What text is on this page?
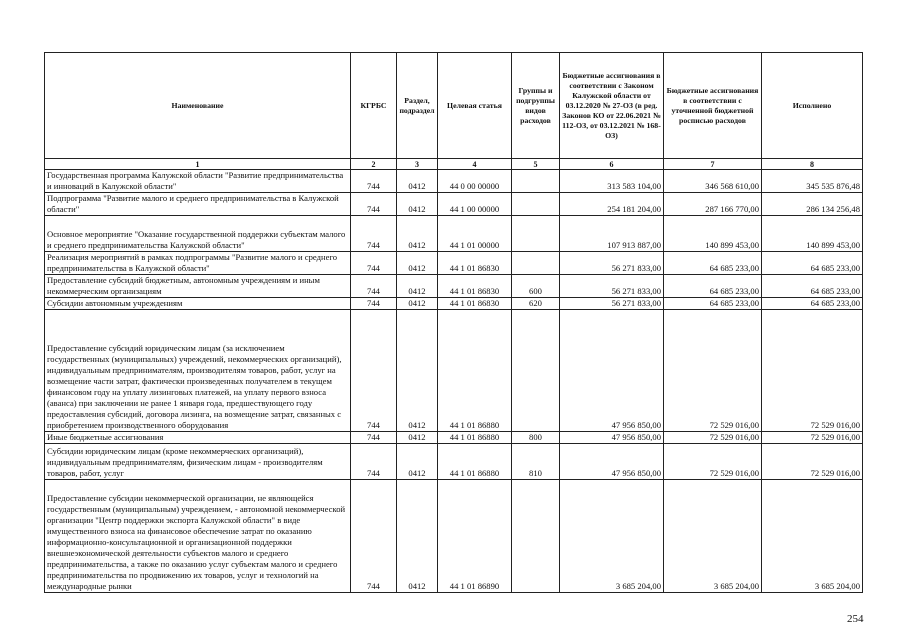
Наименование	КГРБС	Раздел, подраздел	Целевая статья	Группы и подгруппы видов расходов	Бюджетные ассигнования в соответствии с Законом Калужской области от 03.12.2020 № 27-ОЗ (в ред. Законов КО от 22.06.2021 № 112-ОЗ, от 03.12.2021 № 168-ОЗ)	Бюджетные ассигнования в соответствии с уточненной бюджетной росписью расходов	Исполнено
1	2	3	4	5	6	7	8
Государственная программа Калужской области "Развитие предпринимательства и инноваций в Калужской области"	744	0412	44 0 00 00000		313 583 104,00	346 568 610,00	345 535 876,48
Подпрограмма "Развитие малого и среднего предпринимательства в Калужской области"	744	0412	44 1 00 00000		254 181 204,00	287 166 770,00	286 134 256,48
Основное мероприятие "Оказание государственной поддержки субъектам малого и среднего предпринимательства Калужской области"	744	0412	44 1 01 00000		107 913 887,00	140 899 453,00	140 899 453,00
Реализация мероприятий в рамках подпрограммы "Развитие малого и среднего предпринимательства в Калужской области"	744	0412	44 1 01 86830		56 271 833,00	64 685 233,00	64 685 233,00
Предоставление субсидий бюджетным, автономным учреждениям и иным некоммерческим организациям	744	0412	44 1 01 86830	600	56 271 833,00	64 685 233,00	64 685 233,00
Субсидии автономным учреждениям	744	0412	44 1 01 86830	620	56 271 833,00	64 685 233,00	64 685 233,00
Предоставление субсидий юридическим лицам (за исключением государственных (муниципальных) учреждений, некоммерческих организаций), индивидуальным предпринимателям, производителям товаров, работ, услуг на возмещение части затрат, фактически произведенных получателем в текущем финансовом году на уплату лизинговых платежей, на уплату первого взноса (аванса) при заключении не ранее 1 января года, предшествующего году предоставления субсидий, договора лизинга, на возмещение затрат, связанных с приобретением производственного оборудования	744	0412	44 1 01 86880		47 956 850,00	72 529 016,00	72 529 016,00
Иные бюджетные ассигнования	744	0412	44 1 01 86880	800	47 956 850,00	72 529 016,00	72 529 016,00
Субсидии юридическим лицам (кроме некоммерческих организаций), индивидуальным предпринимателям, физическим лицам - производителям товаров, работ, услуг	744	0412	44 1 01 86880	810	47 956 850,00	72 529 016,00	72 529 016,00
Предоставление субсидии некоммерческой организации, не являющейся государственным (муниципальным) учреждением, - автономной некоммерческой организации "Центр поддержки экспорта Калужской области" в виде имущественного взноса на финансовое обеспечение затрат по оказанию информационно-консультационной и организационной поддержки внешнеэкономической деятельности субъектов малого и среднего предпринимательства, а также по оказанию услуг субъектам малого и среднего предпринимательства по продвижению их товаров, услуг и технологий на международные рынки	744	0412	44 1 01 86890		3 685 204,00	3 685 204,00	3 685 204,00
254
